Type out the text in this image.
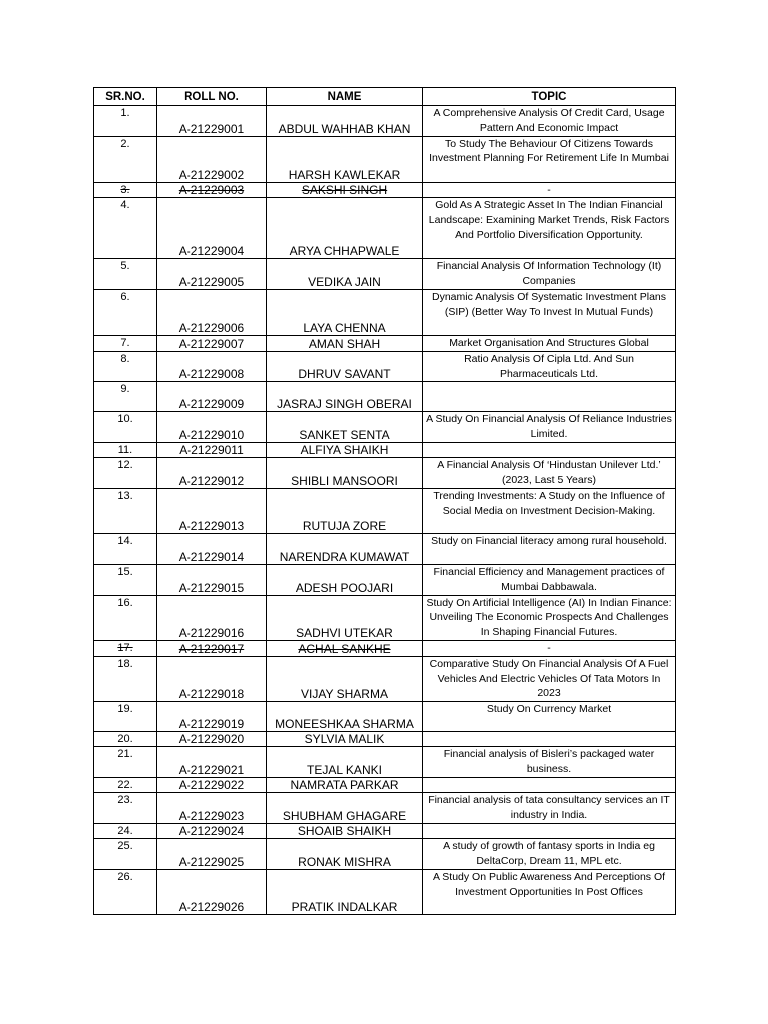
SR.NO.	ROLL NO.	NAME	TOPIC
1.	A-21229001	ABDUL WAHHAB KHAN	A Comprehensive Analysis Of Credit Card, Usage Pattern And Economic Impact
2.	A-21229002	HARSH KAWLEKAR	To Study The Behaviour Of Citizens Towards Investment Planning For Retirement Life In Mumbai
3.	A-21229003	SAKSHI SINGH	-
4.	A-21229004	ARYA CHHAPWALE	Gold As A Strategic Asset In The Indian Financial Landscape: Examining Market Trends, Risk Factors And Portfolio Diversification Opportunity.
5.	A-21229005	VEDIKA JAIN	Financial Analysis Of Information Technology (It) Companies
6.	A-21229006	LAYA CHENNA	Dynamic Analysis Of Systematic Investment Plans (SIP) (Better Way To Invest In Mutual Funds)
7.	A-21229007	AMAN SHAH	Market Organisation And Structures Global
8.	A-21229008	DHRUV SAVANT	Ratio Analysis Of Cipla Ltd. And Sun Pharmaceuticals Ltd.
9.	A-21229009	JASRAJ SINGH OBERAI	
10.	A-21229010	SANKET SENTA	A Study On Financial Analysis Of Reliance Industries Limited.
11.	A-21229011	ALFIYA SHAIKH	
12.	A-21229012	SHIBLI MANSOORI	A Financial Analysis Of ‘Hindustan Unilever Ltd.’ (2023, Last 5 Years)
13.	A-21229013	RUTUJA ZORE	Trending Investments: A Study on the Influence of Social Media on Investment Decision-Making.
14.	A-21229014	NARENDRA KUMAWAT	Study on Financial literacy among rural household.
15.	A-21229015	ADESH POOJARI	Financial Efficiency and Management practices of Mumbai Dabbawala.
16.	A-21229016	SADHVI UTEKAR	Study On Artificial Intelligence (AI) In Indian Finance: Unveiling The Economic Prospects And Challenges In Shaping Financial Futures.
17.	A-21229017	ACHAL SANKHE	-
18.	A-21229018	VIJAY SHARMA	Comparative Study On Financial Analysis Of A Fuel Vehicles And Electric Vehicles Of Tata Motors In 2023
19.	A-21229019	MONEESHKAA SHARMA	Study On Currency Market
20.	A-21229020	SYLVIA MALIK	
21.	A-21229021	TEJAL KANKI	Financial analysis of Bisleri’s packaged water business.
22.	A-21229022	NAMRATA PARKAR	
23.	A-21229023	SHUBHAM GHAGARE	Financial analysis of tata consultancy services an IT industry in India.
24.	A-21229024	SHOAIB SHAIKH	
25.	A-21229025	RONAK MISHRA	A study of growth of fantasy sports in India eg DeltaCorp, Dream 11, MPL etc.
26.	A-21229026	PRATIK INDALKAR	A Study On Public Awareness And Perceptions Of Investment Opportunities In Post Offices
